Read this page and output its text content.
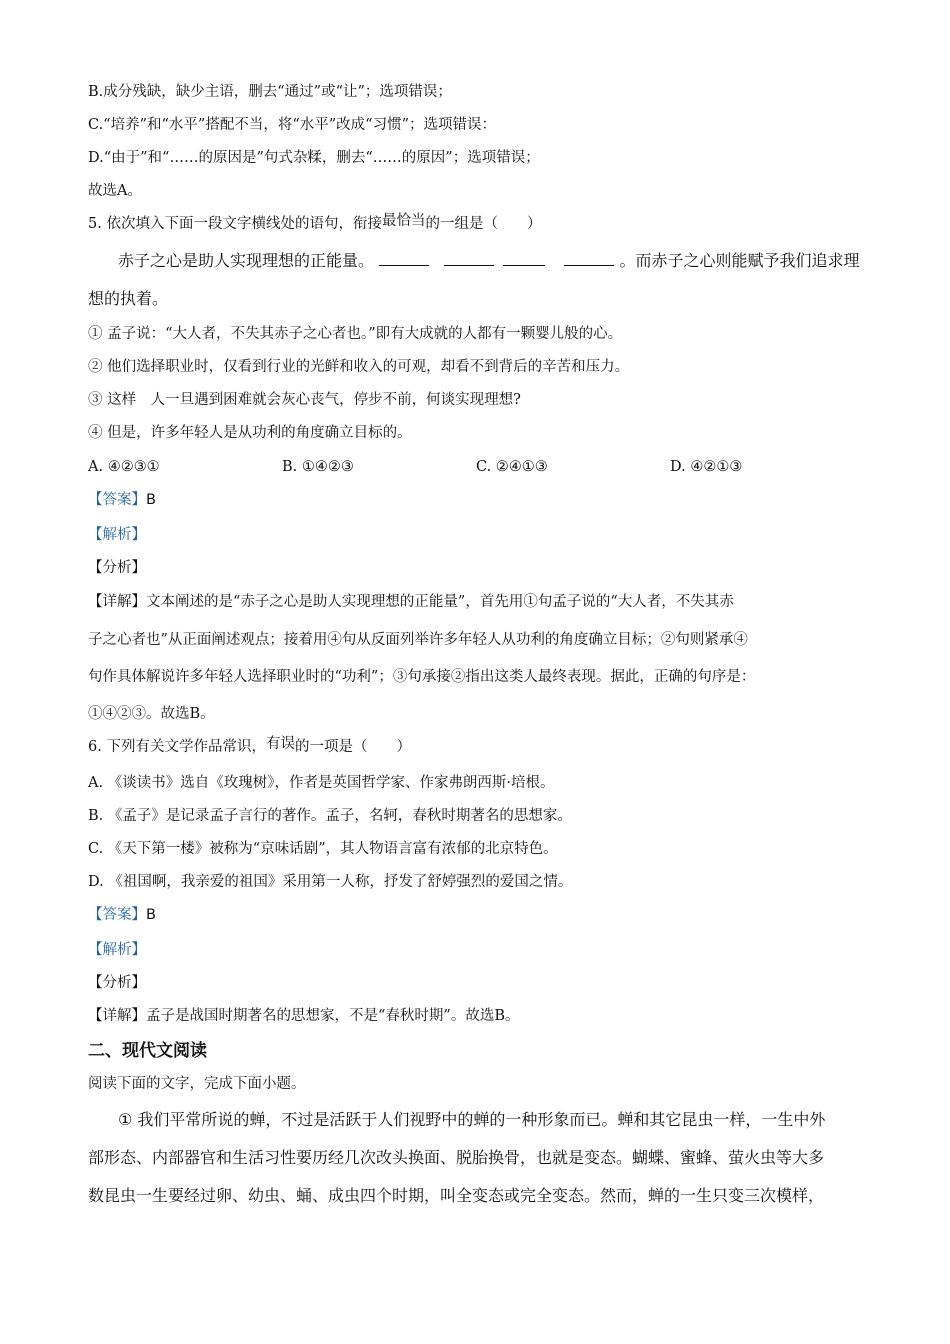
B.成分残缺，缺少主语，删去“通过”或“让”；选项错误；
C.“培养”和“水平”搭配不当，将“水平”改成“习惯”；选项错误：
D.“由于”和“……的原因是”句式杂糅，删去“……的原因”；选项错误；
故选A。
5. 依次填入下面一段文字横线处的语句，衔接最恰当的一组是（　　）
赤子之心是助人实现理想的正能量。	。而赤子之心则能赋予我们追求理
想的执着。
① 孟子说：“大人者，不失其赤子之心者也。”即有大成就的人都有一颗婴儿般的心。
② 他们选择职业时，仅看到行业的光鲜和收入的可观，却看不到背后的辛苦和压力。
③ 这样　人一旦遇到困难就会灰心丧气，停步不前，何谈实现理想?
④ 但是，许多年轻人是从功利的角度确立目标的。
A. ④②③①	B. ①④②③	C. ②④①③	D. ④②①③
【答案】B
【解析】
【分析】
【详解】文本阐述的是“赤子之心是助人实现理想的正能量”，首先用①句孟子说的“大人者，不失其赤
子之心者也”从正面阐述观点；接着用④句从反面列举许多年轻人从功利的角度确立目标；②句则紧承④
句作具体解说许多年轻人选择职业时的“功利”；③句承接②指出这类人最终表现。据此，正确的句序是：
①④②③。故选B。
6. 下列有关文学作品常识，有误的一项是（　　）
A. 《谈读书》选自《玫瑰树》，作者是英国哲学家、作家弗朗西斯·培根。
B. 《孟子》是记录孟子言行的著作。孟子，名轲，春秋时期著名的思想家。
C. 《天下第一楼》被称为“京味话剧”，其人物语言富有浓郁的北京特色。
D. 《祖国啊，我亲爱的祖国》采用第一人称，抒发了舒婷强烈的爱国之情。
【答案】B
【解析】
【分析】
【详解】孟子是战国时期著名的思想家，不是“春秋时期”。故选B。
二、现代文阅读
阅读下面的文字，完成下面小题。
① 我们平常所说的蝉，不过是活跃于人们视野中的蝉的一种形象而已。蝉和其它昆虫一样，一生中外
部形态、内部器官和生活习性要历经几次改头换面、脱胎换骨，也就是变态。蝴蝶、蜜蜂、萤火虫等大多
数昆虫一生要经过卵、幼虫、蛹、成虫四个时期，叫全变态或完全变态。然而，蝉的一生只变三次模样，
